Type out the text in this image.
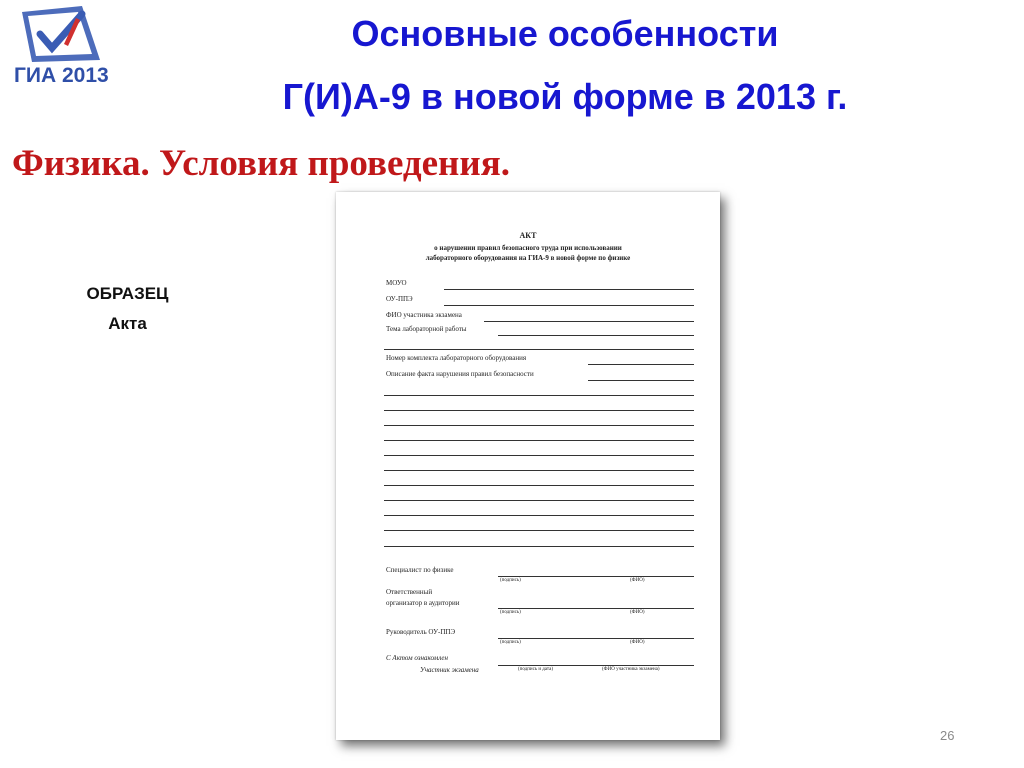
ГИА 2013
Основные особенности
Г(И)А-9 в новой форме в 2013 г.
Физика. Условия проведения.
ОБРАЗЕЦ
Акта
АКТ
о нарушении правил безопасного труда при использовании
лабораторного оборудования на ГИА-9 в новой форме по физике
МОУО
ОУ-ППЭ
ФИО участника экзамена
Тема лабораторной работы
Номер комплекта лабораторного оборудования
Описание факта нарушения правил безопасности
Специалист по физике
(подпись)	(ФИО)
Ответственный
организатор в аудитории
(подпись)	(ФИО)
Руководитель ОУ-ППЭ
(подпись)	(ФИО)
С Актом ознакомлен
Участник экзамена	(подпись и дата)	(ФИО участника экзамена)
26
